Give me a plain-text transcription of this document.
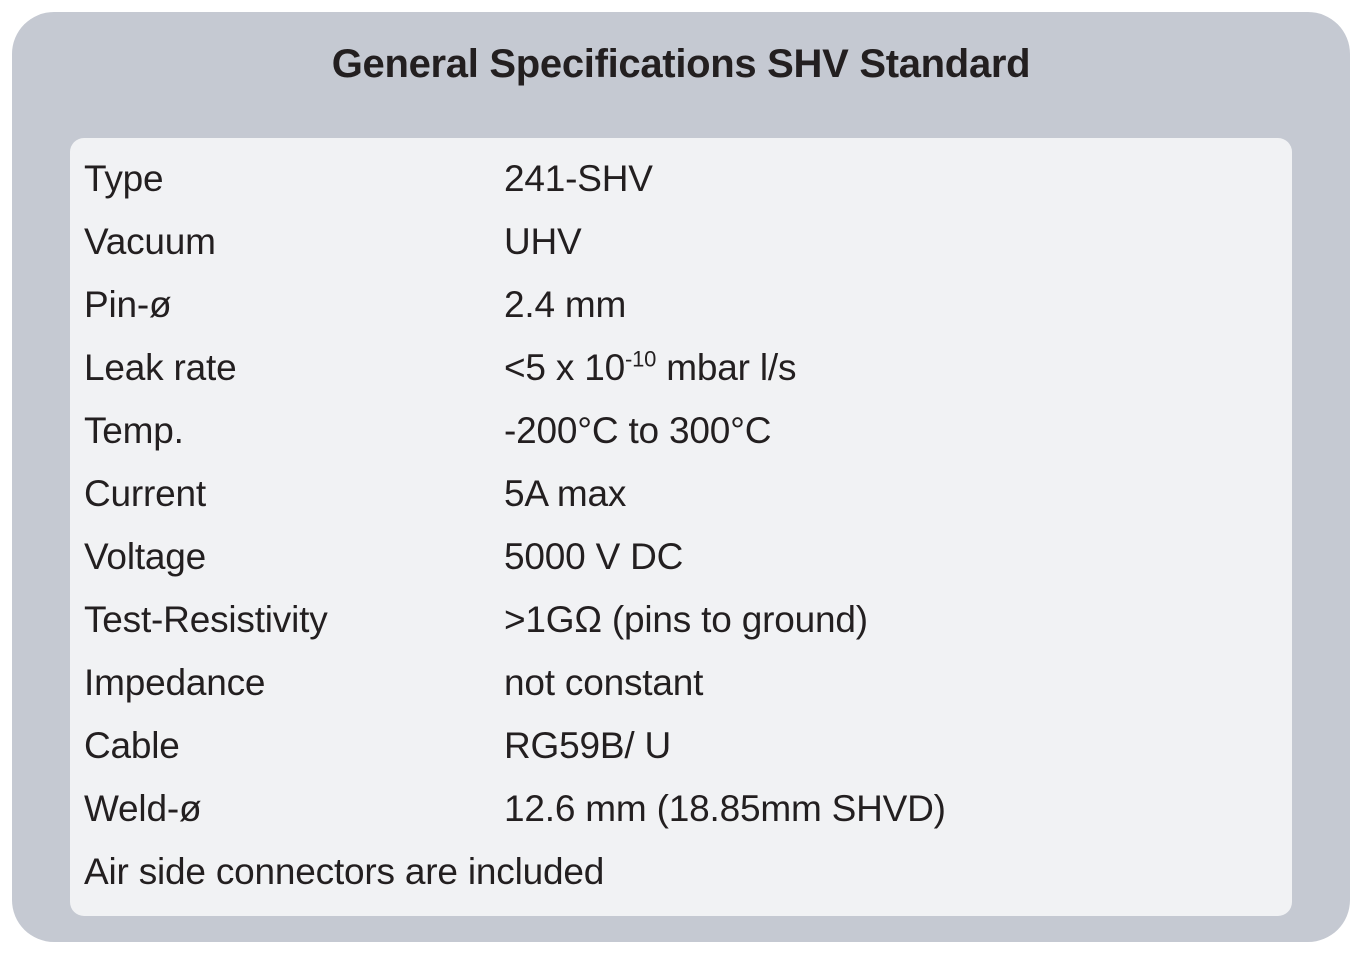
General Specifications SHV Standard
Type	241-SHV
Vacuum	UHV
Pin-ø	2.4 mm
Leak rate	<5 x $10^{-10}$ mbar l/s
Temp.	-200°C to 300°C
Current	5A max
Voltage	5000 V DC
Test-Resistivity	>1GΩ (pins to ground)
Impedance	not constant
Cable	RG59B/ U
Weld-ø	12.6 mm (18.85mm SHVD)
Air side connectors are included
